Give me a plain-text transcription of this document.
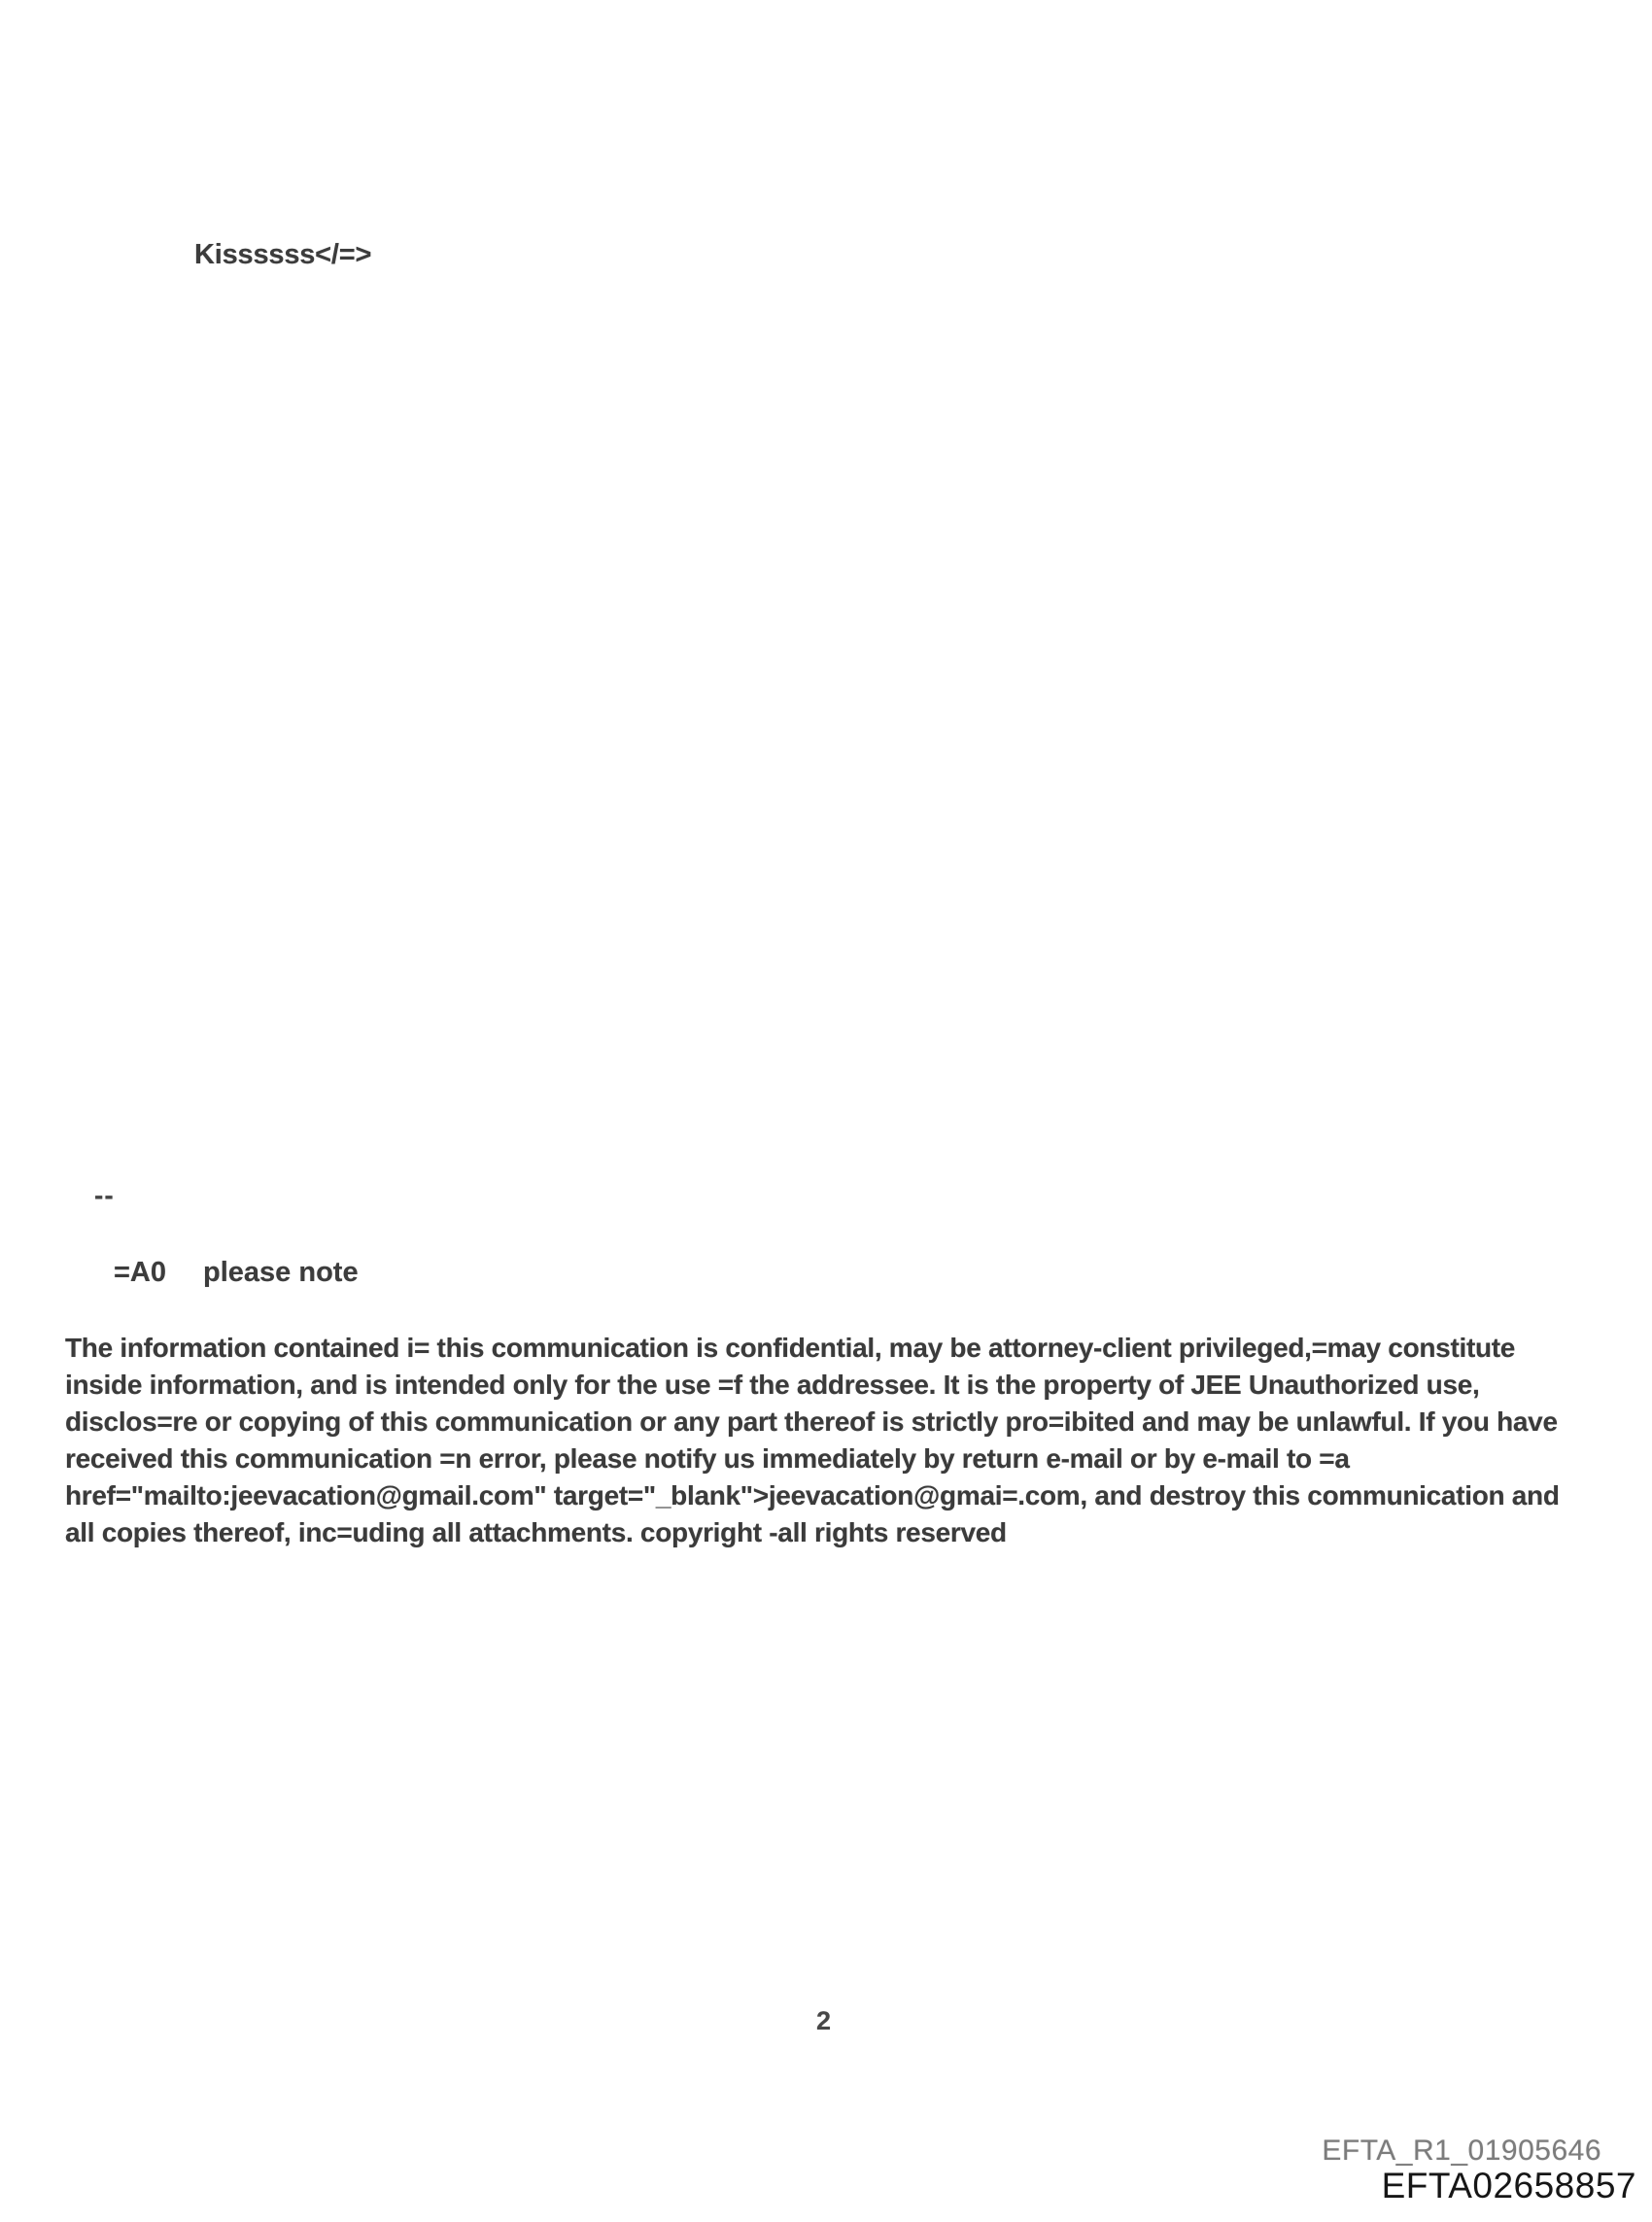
Kissssss</=>
--
=A0 please note
The information contained i= this communication is confidential, may be attorney-client privileged,=may constitute
inside information, and is intended only for the use =f the addressee. It is the property of JEE Unauthorized use,
disclos=re or copying of this communication or any part thereof is strictly pro=ibited and may be unlawful. If you have
received this communication =n error, please notify us immediately by return e-mail or by e-mail to =a
href="mailto:jeevacation@gmail.com" target="_blank">jeevacation@gmai=.com, and destroy this communication and
all copies thereof, inc=uding all attachments. copyright -all rights reserved
2
EFTA_R1_01905646
EFTA02658857
